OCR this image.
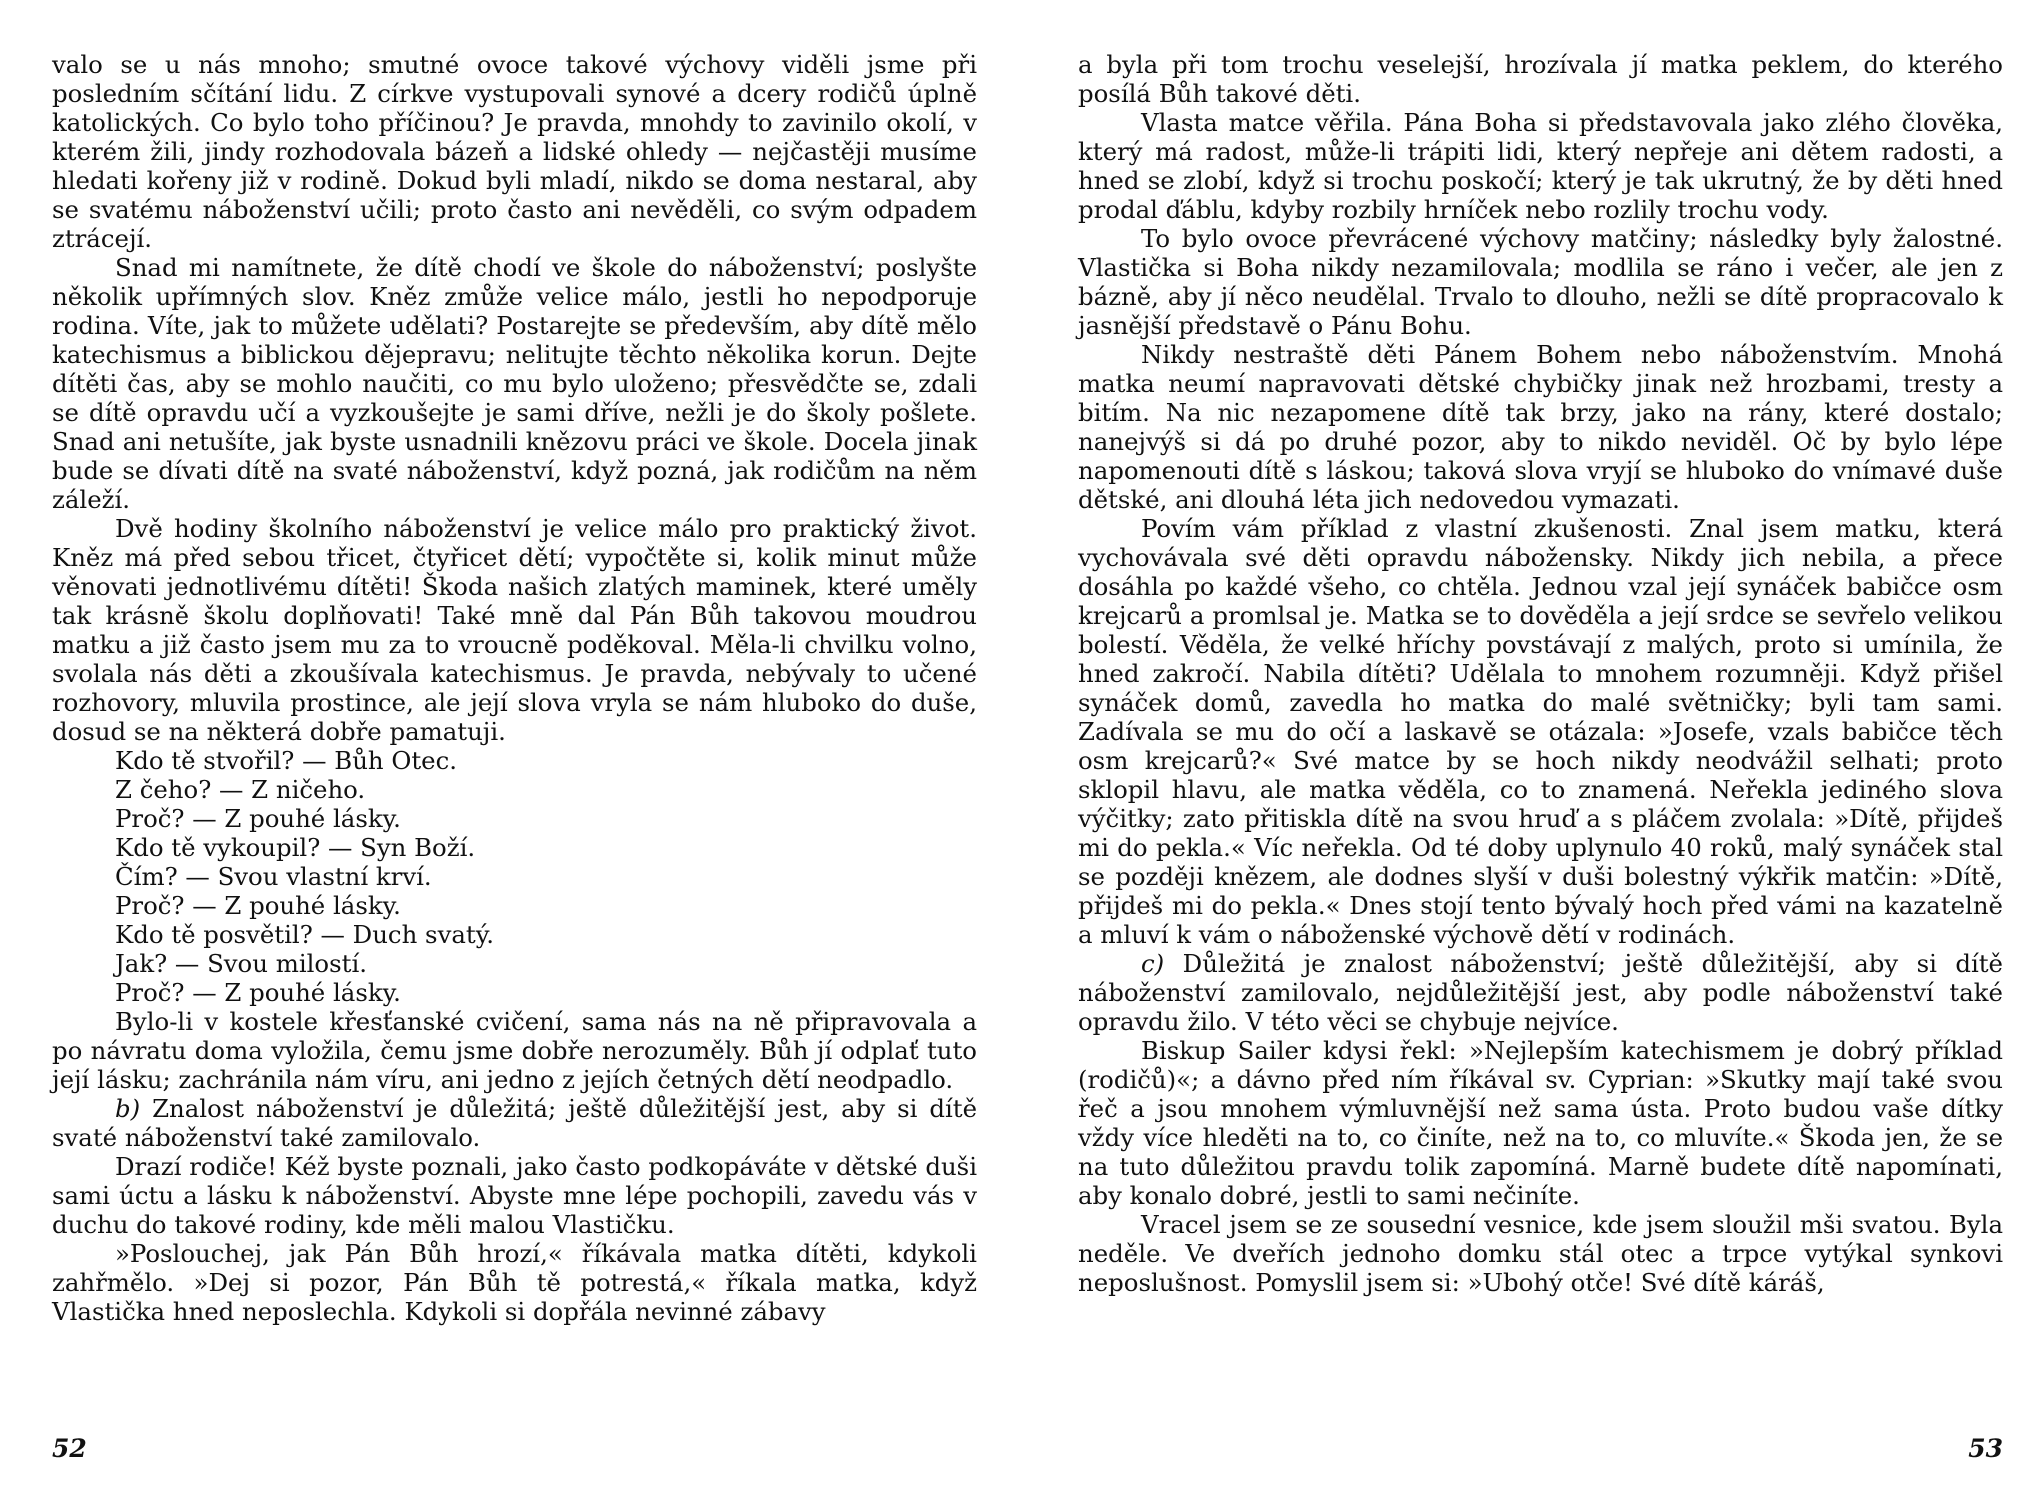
valo se u nás mnoho; smutné ovoce takové výchovy viděli jsme při posledním sčítání lidu. Z církve vystupovali synové a dcery rodičů úplně katolických. Co bylo toho příčinou? Je pravda, mnohdy to zavinilo okolí, v kterém žili, jindy rozhodovala bázeň a lidské ohledy — nejčastěji musíme hledati kořeny již v rodině. Dokud byli mladí, nikdo se doma nestaral, aby se svatému náboženství učili; proto často ani nevěděli, co svým odpadem ztrácejí.

Snad mi namítnete, že dítě chodí ve škole do náboženství; poslyšte několik upřímných slov. Kněz zmůže velice málo, jestli ho nepodporuje rodina. Víte, jak to můžete udělati? Postarejte se především, aby dítě mělo katechismus a biblickou dějepravu; nelitujte těchto několika korun. Dejte dítěti čas, aby se mohlo naučiti, co mu bylo uloženo; přesvědčte se, zdali se dítě opravdu učí a vyzkoušejte je sami dříve, nežli je do školy pošlete. Snad ani netušíte, jak byste usnadnili knězovu práci ve škole. Docela jinak bude se dívati dítě na svaté náboženství, když pozná, jak rodičům na něm záleží.

Dvě hodiny školního náboženství je velice málo pro praktický život. Kněz má před sebou třicet, čtyřicet dětí; vypočtěte si, kolik minut může věnovati jednotlivému dítěti! Škoda našich zlatých maminek, které uměly tak krásně školu doplňovati! Také mně dal Pán Bůh takovou moudrou matku a již často jsem mu za to vroucně poděkoval. Měla-li chvilku volno, svolala nás děti a zkoušívala katechismus. Je pravda, nebývaly to učené rozhovory, mluvila prostince, ale její slova vryla se nám hluboko do duše, dosud se na některá dobře pamatuji.

Kdo tě stvořil? — Bůh Otec.

Z čeho? — Z ničeho.

Proč? — Z pouhé lásky.

Kdo tě vykoupil? — Syn Boží.

Čím? — Svou vlastní krví.

Proč? — Z pouhé lásky.

Kdo tě posvětil? — Duch svatý.

Jak? — Svou milostí.

Proč? — Z pouhé lásky.

Bylo-li v kostele křesťanské cvičení, sama nás na ně připravovala a po návratu doma vyložila, čemu jsme dobře nerozuměly. Bůh jí odplať tuto její lásku; zachránila nám víru, ani jedno z jejích četných dětí neodpadlo.

b) Znalost náboženství je důležitá; ještě důležitější jest, aby si dítě svaté náboženství také zamilovalo.

Drazí rodiče! Kéž byste poznali, jako často podkopáváte v dětské duši sami úctu a lásku k náboženství. Abyste mne lépe pochopili, zavedu vás v duchu do takové rodiny, kde měli malou Vlastičku.

»Poslouchej, jak Pán Bůh hrozí,« říkávala matka dítěti, kdykoli zahřmělo. »Dej si pozor, Pán Bůh tě potrestá,« říkala matka, když Vlastička hned neposlechla. Kdykoli si dopřála nevinné zábavy

52

a byla při tom trochu veselejší, hrozívala jí matka peklem, do kterého posílá Bůh takové děti.

Vlasta matce věřila. Pána Boha si představovala jako zlého člověka, který má radost, může-li trápiti lidi, který nepřeje ani dětem radosti, a hned se zlobí, když si trochu poskočí; který je tak ukrutný, že by děti hned prodal ďáblu, kdyby rozbily hrníček nebo rozlily trochu vody.

To bylo ovoce převrácené výchovy matčiny; následky byly žalostné. Vlastička si Boha nikdy nezamilovala; modlila se ráno i večer, ale jen z bázně, aby jí něco neudělal. Trvalo to dlouho, nežli se dítě propracovalo k jasnější představě o Pánu Bohu.

Nikdy nestraště děti Pánem Bohem nebo náboženstvím. Mnohá matka neumí napravovati dětské chybičky jinak než hrozbami, tresty a bitím. Na nic nezapomene dítě tak brzy, jako na rány, které dostalo; nanejvýš si dá po druhé pozor, aby to nikdo neviděl. Oč by bylo lépe napomenouti dítě s láskou; taková slova vryjí se hluboko do vnímavé duše dětské, ani dlouhá léta jich nedovedou vymazati.

Povím vám příklad z vlastní zkušenosti. Znal jsem matku, která vychovávala své děti opravdu nábožensky. Nikdy jich nebila, a přece dosáhla po každé všeho, co chtěla. Jednou vzal její synáček babičce osm krejcarů a promlsal je. Matka se to dověděla a její srdce se sevřelo velikou bolestí. Věděla, že velké hříchy povstávají z malých, proto si umínila, že hned zakročí. Nabila dítěti? Udělala to mnohem rozumněji. Když přišel synáček domů, zavedla ho matka do malé světničky; byli tam sami. Zadívala se mu do očí a laskavě se otázala: »Josefe, vzals babičce těch osm krejcarů?« Své matce by se hoch nikdy neodvážil selhati; proto sklopil hlavu, ale matka věděla, co to znamená. Neřekla jediného slova výčitky; zato přitiskla dítě na svou hruď a s pláčem zvolala: »Dítě, přijdeš mi do pekla.« Víc neřekla. Od té doby uplynulo 40 roků, malý synáček stal se později knězem, ale dodnes slyší v duši bolestný výkřik matčin: »Dítě, přijdeš mi do pekla.« Dnes stojí tento bývalý hoch před vámi na kazatelně a mluví k vám o náboženské výchově dětí v rodinách.

c) Důležitá je znalost náboženství; ještě důležitější, aby si dítě náboženství zamilovalo, nejdůležitější jest, aby podle náboženství také opravdu žilo. V této věci se chybuje nejvíce.

Biskup Sailer kdysi řekl: »Nejlepším katechismem je dobrý příklad (rodičů)«; a dávno před ním říkával sv. Cyprian: »Skutky mají také svou řeč a jsou mnohem výmluvnější než sama ústa. Proto budou vaše dítky vždy více hleděti na to, co činíte, než na to, co mluvíte.« Škoda jen, že se na tuto důležitou pravdu tolik zapomíná. Marně budete dítě napomínati, aby konalo dobré, jestli to sami nečiníte.

Vracel jsem se ze sousední vesnice, kde jsem sloužil mši svatou. Byla neděle. Ve dveřích jednoho domku stál otec a trpce vytýkal synkovi neposlušnost. Pomyslil jsem si: »Ubohý otče! Své dítě káráš,

53
